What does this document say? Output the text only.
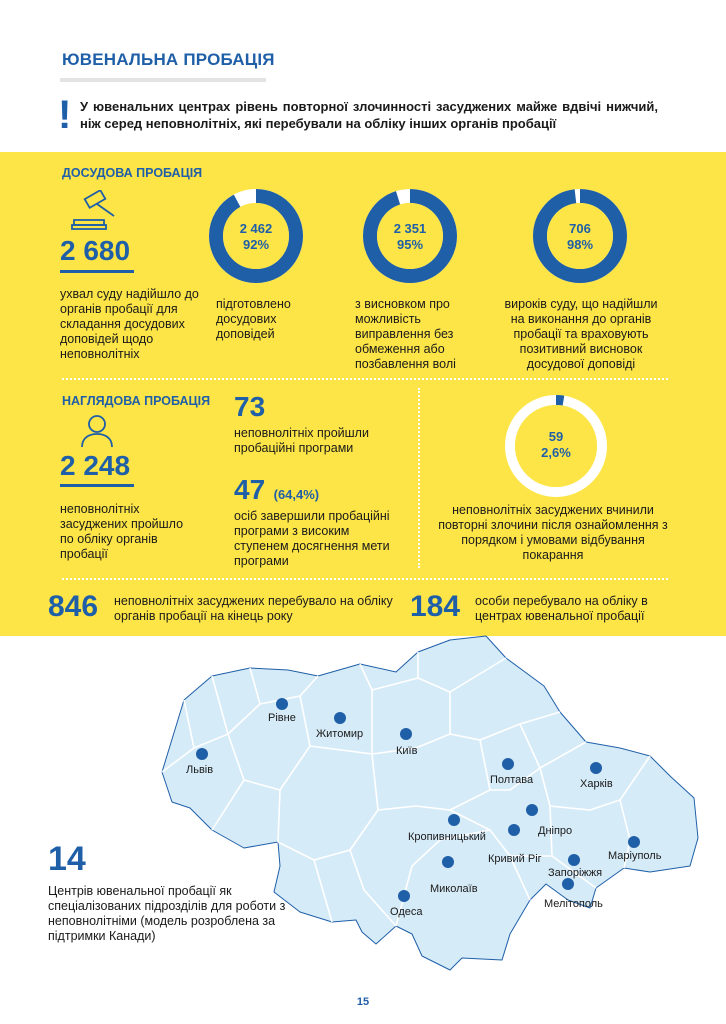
ЮВЕНАЛЬНА ПРОБАЦІЯ
! У ювенальних центрах рівень повторної злочинності засуджених майже вдвічі нижчий, ніж серед неповнолітніх, які перебували на обліку інших органів пробації
ДОСУДОВА ПРОБАЦІЯ
2 680
ухвал суду надійшло до органів пробації для складання досудових доповідей щодо неповнолітніх
2 462
92%
підготовлено досудових доповідей
2 351
95%
з висновком про можливість виправлення без обмеження або позбавлення волі
706
98%
вироків суду, що надійшли на виконання до органів пробації та враховують позитивний висновок досудової доповіді
НАГЛЯДОВА ПРОБАЦІЯ
2 248
неповнолітніх засуджених пройшло по обліку органів пробації
73
неповнолітніх пройшли пробаційні програми
47 (64,4%)
осіб завершили пробаційні програми з високим ступенем досягнення мети програми
59
2,6%
неповнолітніх засуджених вчинили повторні злочини після ознайомлення з порядком і умовами відбування покарання
846 неповнолітніх засуджених перебувало на обліку органів пробації на кінець року	184 особи перебувало на обліку в центрах ювенальної пробації
Рівне
Житомир
Львів
Київ
Полтава	Харків
Кропивницький	Дніпро
Кривий Ріг	Маріуполь
Запоріжжя
Миколаїв
Мелітополь
Одеса
14
Центрів ювенальної пробації як спеціалізованих підрозділів для роботи з неповнолітніми (модель розроблена за підтримки Канади)
15
